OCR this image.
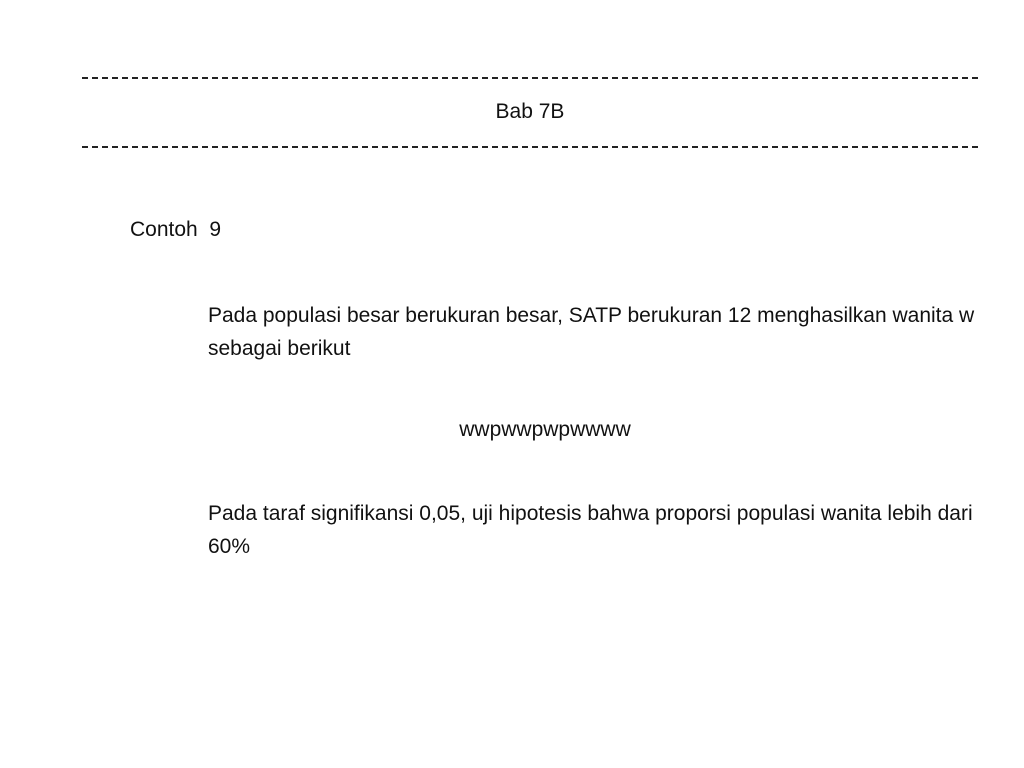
Bab 7B
Contoh  9
Pada populasi besar berukuran besar, SATP berukuran 12 menghasilkan wanita w sebagai berikut
wwpwwpwpwwww
Pada taraf signifikansi 0,05, uji hipotesis bahwa proporsi populasi wanita lebih dari 60%
